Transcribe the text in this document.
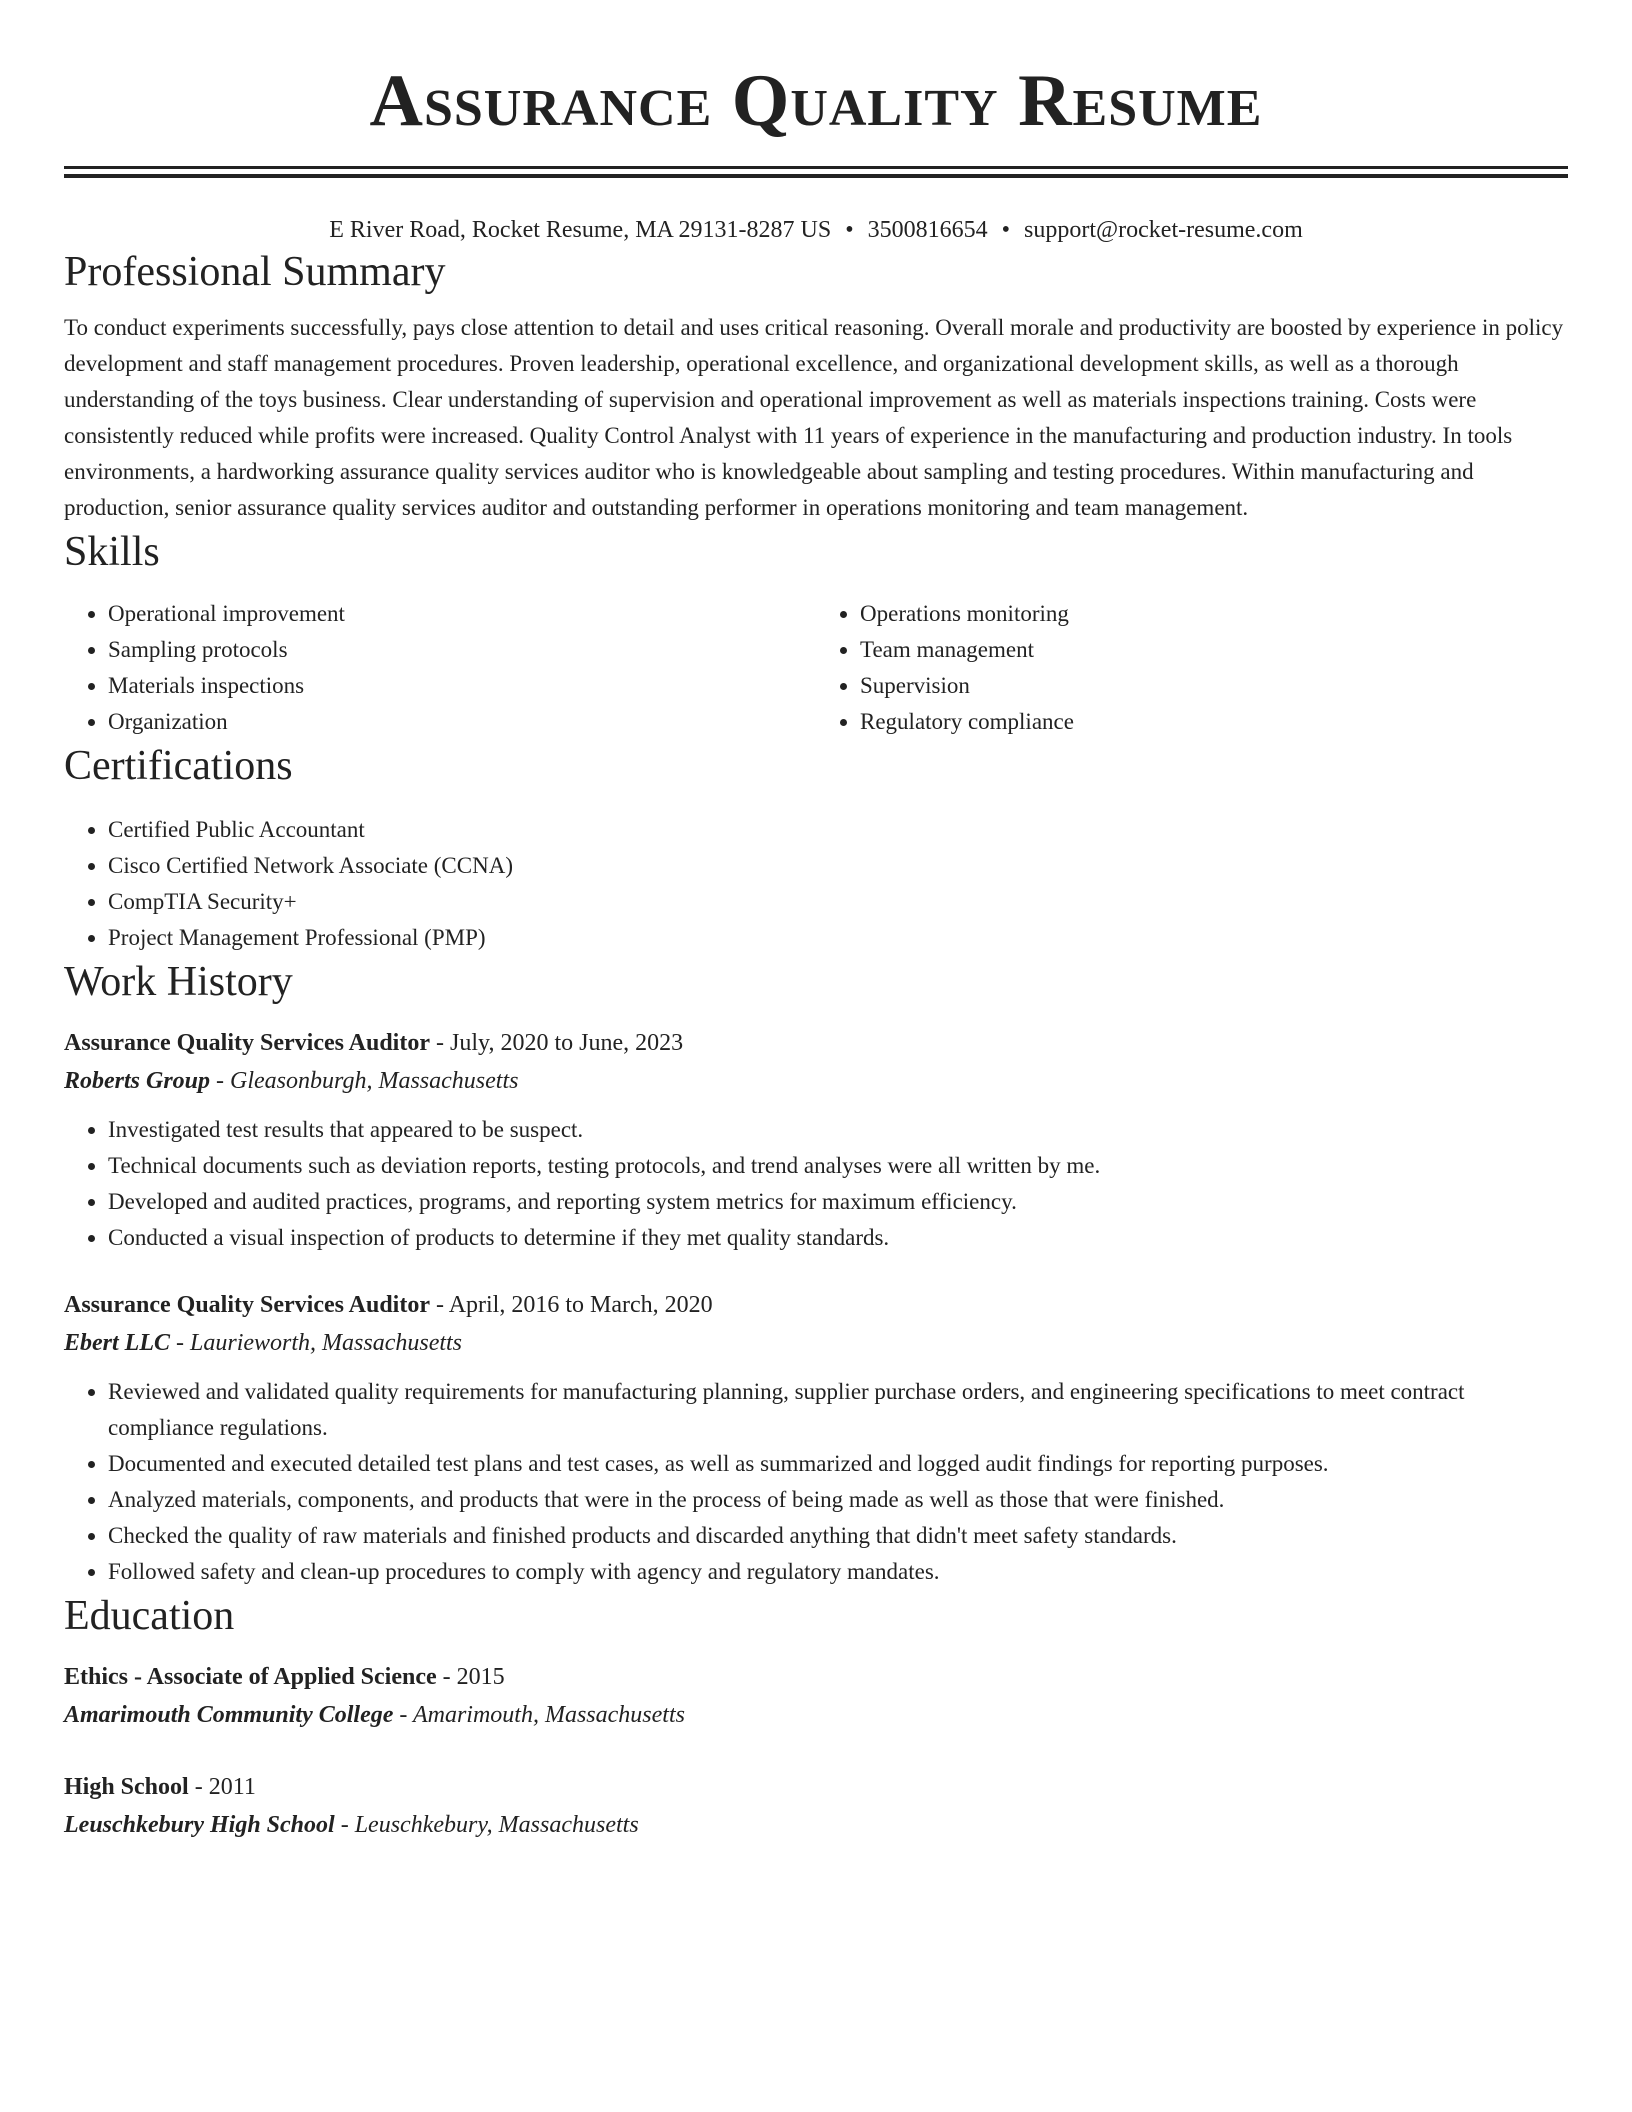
Assurance Quality Resume
E River Road, Rocket Resume, MA 29131-8287 US • 3500816654 • support@rocket-resume.com
Professional Summary

To conduct experiments successfully, pays close attention to detail and uses critical reasoning. Overall morale and productivity are boosted by experience in policy development and staff management procedures. Proven leadership, operational excellence, and organizational development skills, as well as a thorough understanding of the toys business. Clear understanding of supervision and operational improvement as well as materials inspections training. Costs were consistently reduced while profits were increased. Quality Control Analyst with 11 years of experience in the manufacturing and production industry. In tools environments, a hardworking assurance quality services auditor who is knowledgeable about sampling and testing procedures. Within manufacturing and production, senior assurance quality services auditor and outstanding performer in operations monitoring and team management.

Skills
• Operational improvement
• Sampling protocols
• Materials inspections
• Organization
• Operations monitoring
• Team management
• Supervision
• Regulatory compliance
Certifications
• Certified Public Accountant
• Cisco Certified Network Associate (CCNA)
• CompTIA Security+
• Project Management Professional (PMP)
Work History
Assurance Quality Services Auditor - July, 2020 to June, 2023
Roberts Group - Gleasonburgh, Massachusetts
• Investigated test results that appeared to be suspect.
• Technical documents such as deviation reports, testing protocols, and trend analyses were all written by me.
• Developed and audited practices, programs, and reporting system metrics for maximum efficiency.
• Conducted a visual inspection of products to determine if they met quality standards.
Assurance Quality Services Auditor - April, 2016 to March, 2020
Ebert LLC - Laurieworth, Massachusetts
• Reviewed and validated quality requirements for manufacturing planning, supplier purchase orders, and engineering specifications to meet contract compliance regulations.
• Documented and executed detailed test plans and test cases, as well as summarized and logged audit findings for reporting purposes.
• Analyzed materials, components, and products that were in the process of being made as well as those that were finished.
• Checked the quality of raw materials and finished products and discarded anything that didn't meet safety standards.
• Followed safety and clean-up procedures to comply with agency and regulatory mandates.
Education
Ethics - Associate of Applied Science - 2015
Amarimouth Community College - Amarimouth, Massachusetts
High School - 2011
Leuschkebury High School - Leuschkebury, Massachusetts
